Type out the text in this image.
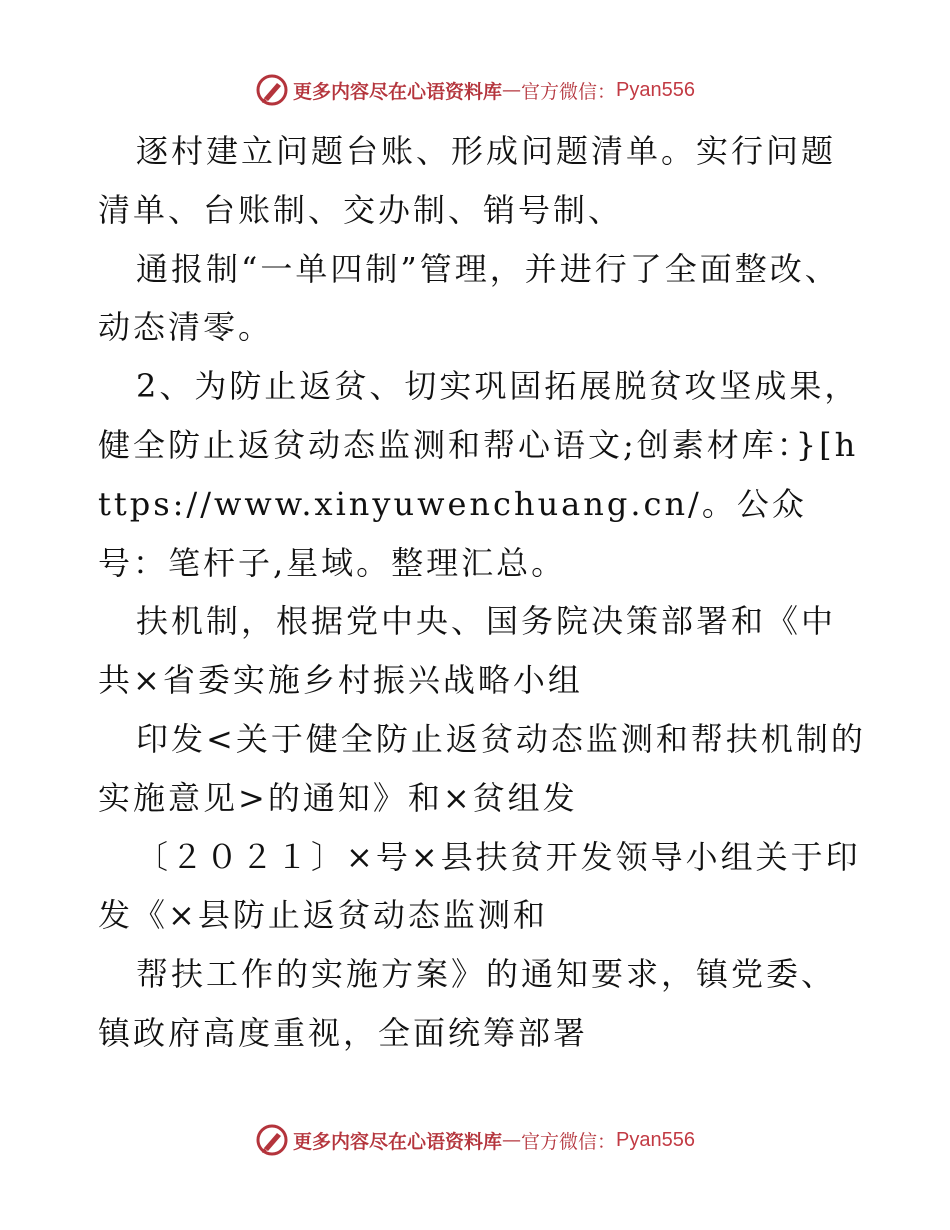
更多内容尽在心语资料库 — 官方微信： Pyan556

逐村建立问题台账、形成问题清单。实行问题清单、台账制、交办制、销号制、

通报制“一单四制”管理，并进行了全面整改、动态清零。

2、为防止返贫、切实巩固拓展脱贫攻坚成果，健全防止返贫动态监测和帮心语文;创素材库：}[https://www.xinyuwenchuang.cn/。公众号：笔杆子,星域。整理汇总。

扶机制，根据党中央、国务院决策部署和《中共×省委实施乡村振兴战略小组

印发<关于健全防止返贫动态监测和帮扶机制的实施意见>的通知》和×贫组发

〔２０２１〕×号×县扶贫开发领导小组关于印发《×县防止返贫动态监测和

帮扶工作的实施方案》的通知要求，镇党委、镇政府高度重视，全面统筹部署

更多内容尽在心语资料库 — 官方微信： Pyan556
